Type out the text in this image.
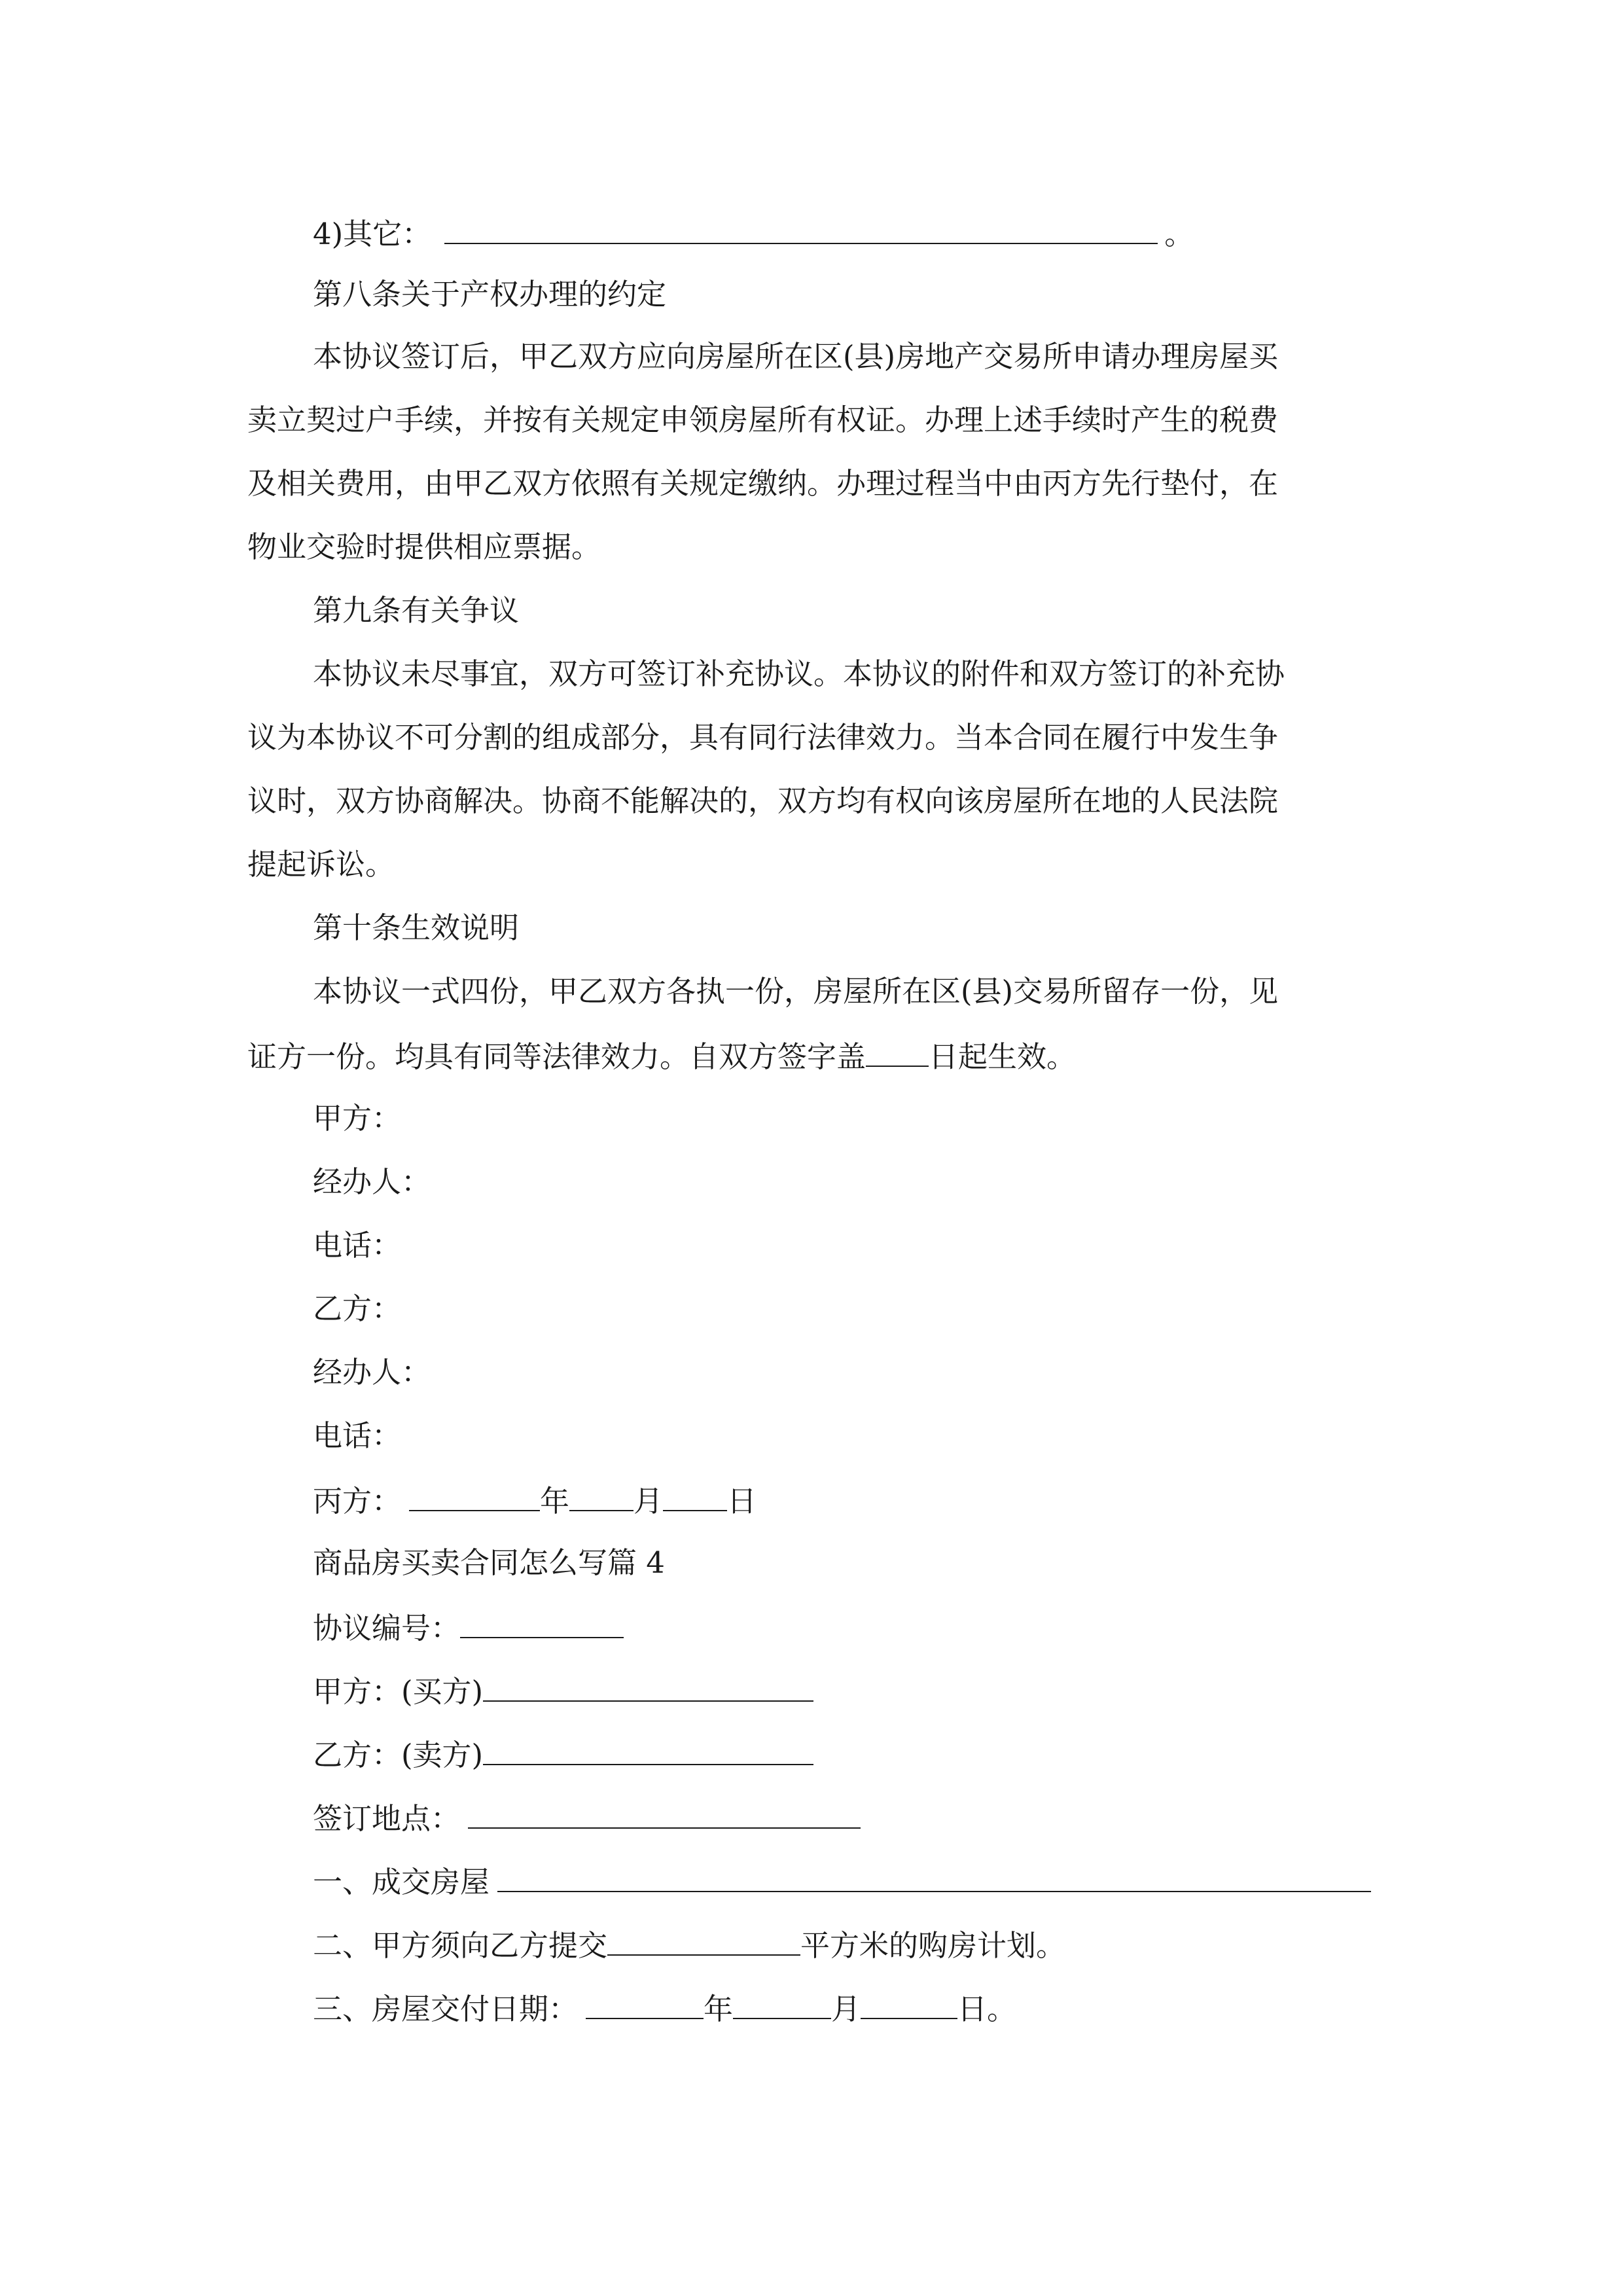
4)其它：	。
第八条关于产权办理的约定
本协议签订后，甲乙双方应向房屋所在区(县)房地产交易所申请办理房屋买
卖立契过户手续，并按有关规定申领房屋所有权证。办理上述手续时产生的税费
及相关费用，由甲乙双方依照有关规定缴纳。办理过程当中由丙方先行垫付，在
物业交验时提供相应票据。
第九条有关争议
本协议未尽事宜，双方可签订补充协议。本协议的附件和双方签订的补充协
议为本协议不可分割的组成部分，具有同行法律效力。当本合同在履行中发生争
议时，双方协商解决。协商不能解决的，双方均有权向该房屋所在地的人民法院
提起诉讼。
第十条生效说明
本协议一式四份，甲乙双方各执一份，房屋所在区(县)交易所留存一份，见
证方一份。均具有同等法律效力。自双方签字盖 日起生效。
甲方：
经办人：
电话：
乙方：
经办人：
电话：
丙方：	年 月 日
商品房买卖合同怎么写篇 4
协议编号：
甲方：(买方)
乙方：(卖方)
签订地点：
一、成交房屋
二、甲方须向乙方提交	平方米的购房计划。
三、房屋交付日期：	年	月	日。
